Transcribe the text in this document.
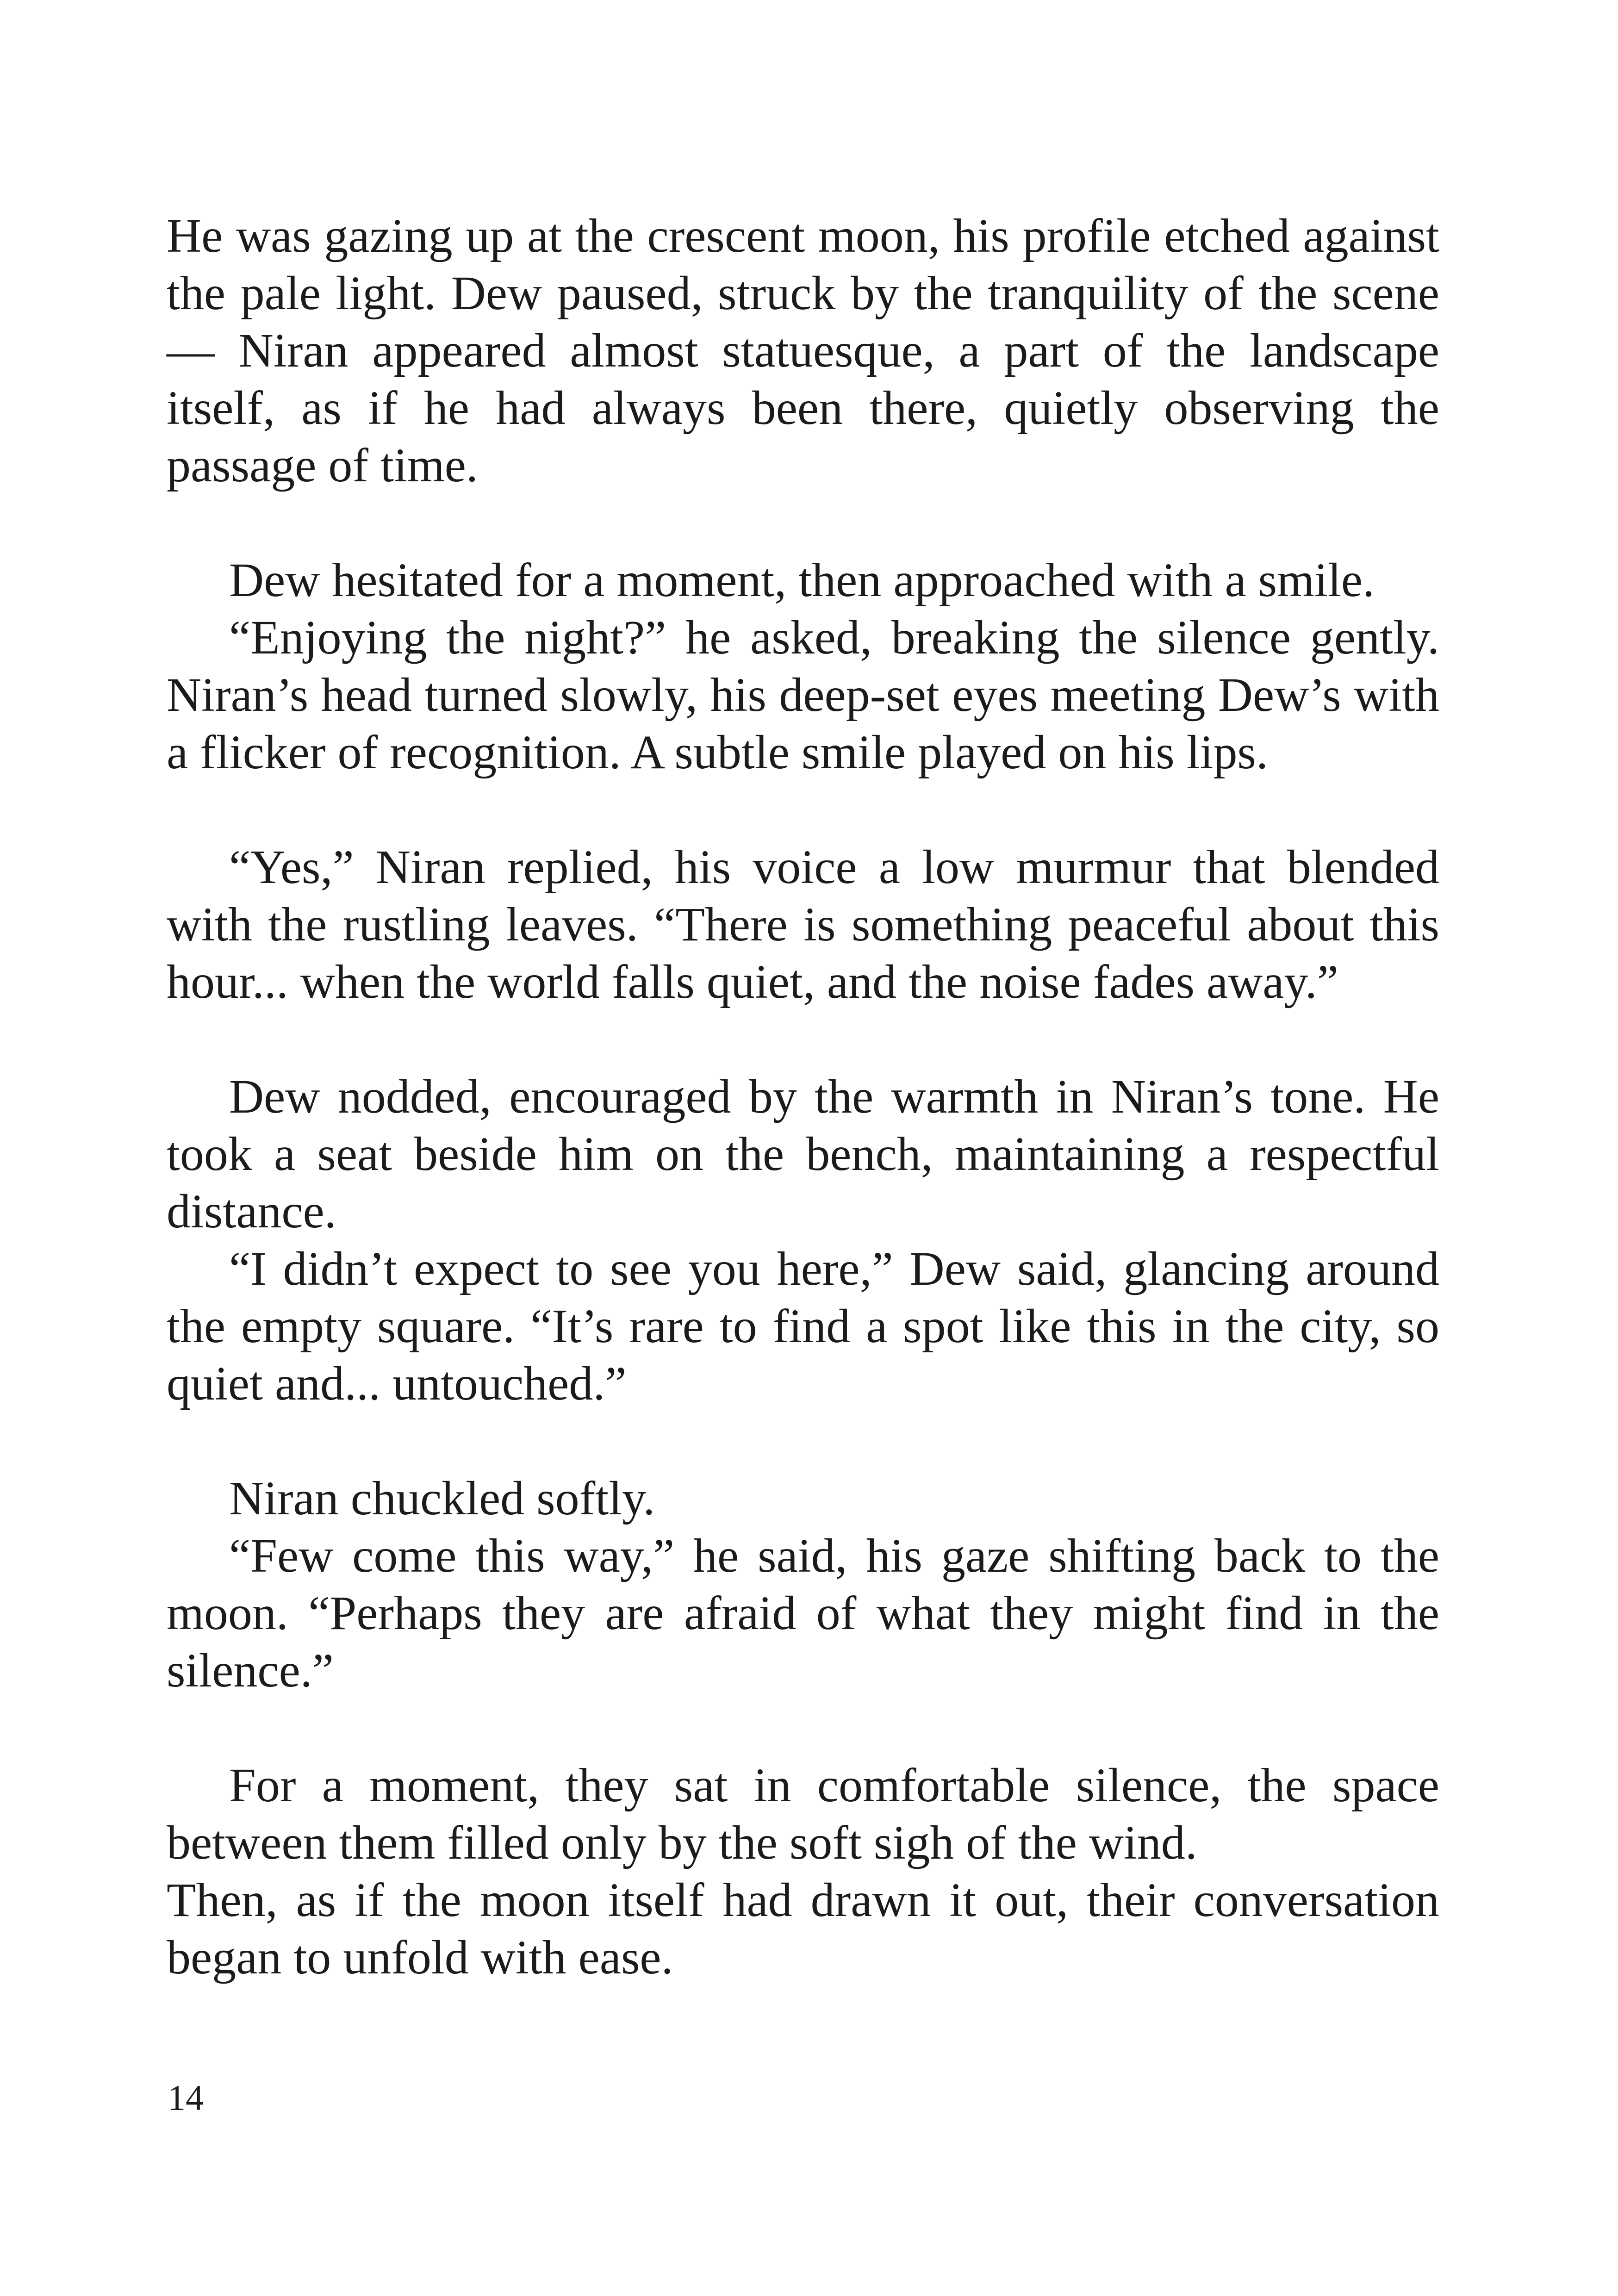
He was gazing up at the crescent moon, his profile etched against the pale light. Dew paused, struck by the tranquility of the scene — Niran appeared almost statuesque, a part of the landscape itself, as if he had always been there, quietly observing the passage of time.

Dew hesitated for a moment, then approached with a smile.

“Enjoying the night?” he asked, breaking the silence gently. Niran’s head turned slowly, his deep-set eyes meeting Dew’s with a flicker of recognition. A subtle smile played on his lips.

“Yes,” Niran replied, his voice a low murmur that blended with the rustling leaves. “There is something peaceful about this hour... when the world falls quiet, and the noise fades away.”

Dew nodded, encouraged by the warmth in Niran’s tone. He took a seat beside him on the bench, maintaining a respectful distance.

“I didn’t expect to see you here,” Dew said, glancing around the empty square. “It’s rare to find a spot like this in the city, so quiet and... untouched.”

Niran chuckled softly.

“Few come this way,” he said, his gaze shifting back to the moon. “Perhaps they are afraid of what they might find in the silence.”

For a moment, they sat in comfortable silence, the space between them filled only by the soft sigh of the wind.

Then, as if the moon itself had drawn it out, their conversation began to unfold with ease.

14
